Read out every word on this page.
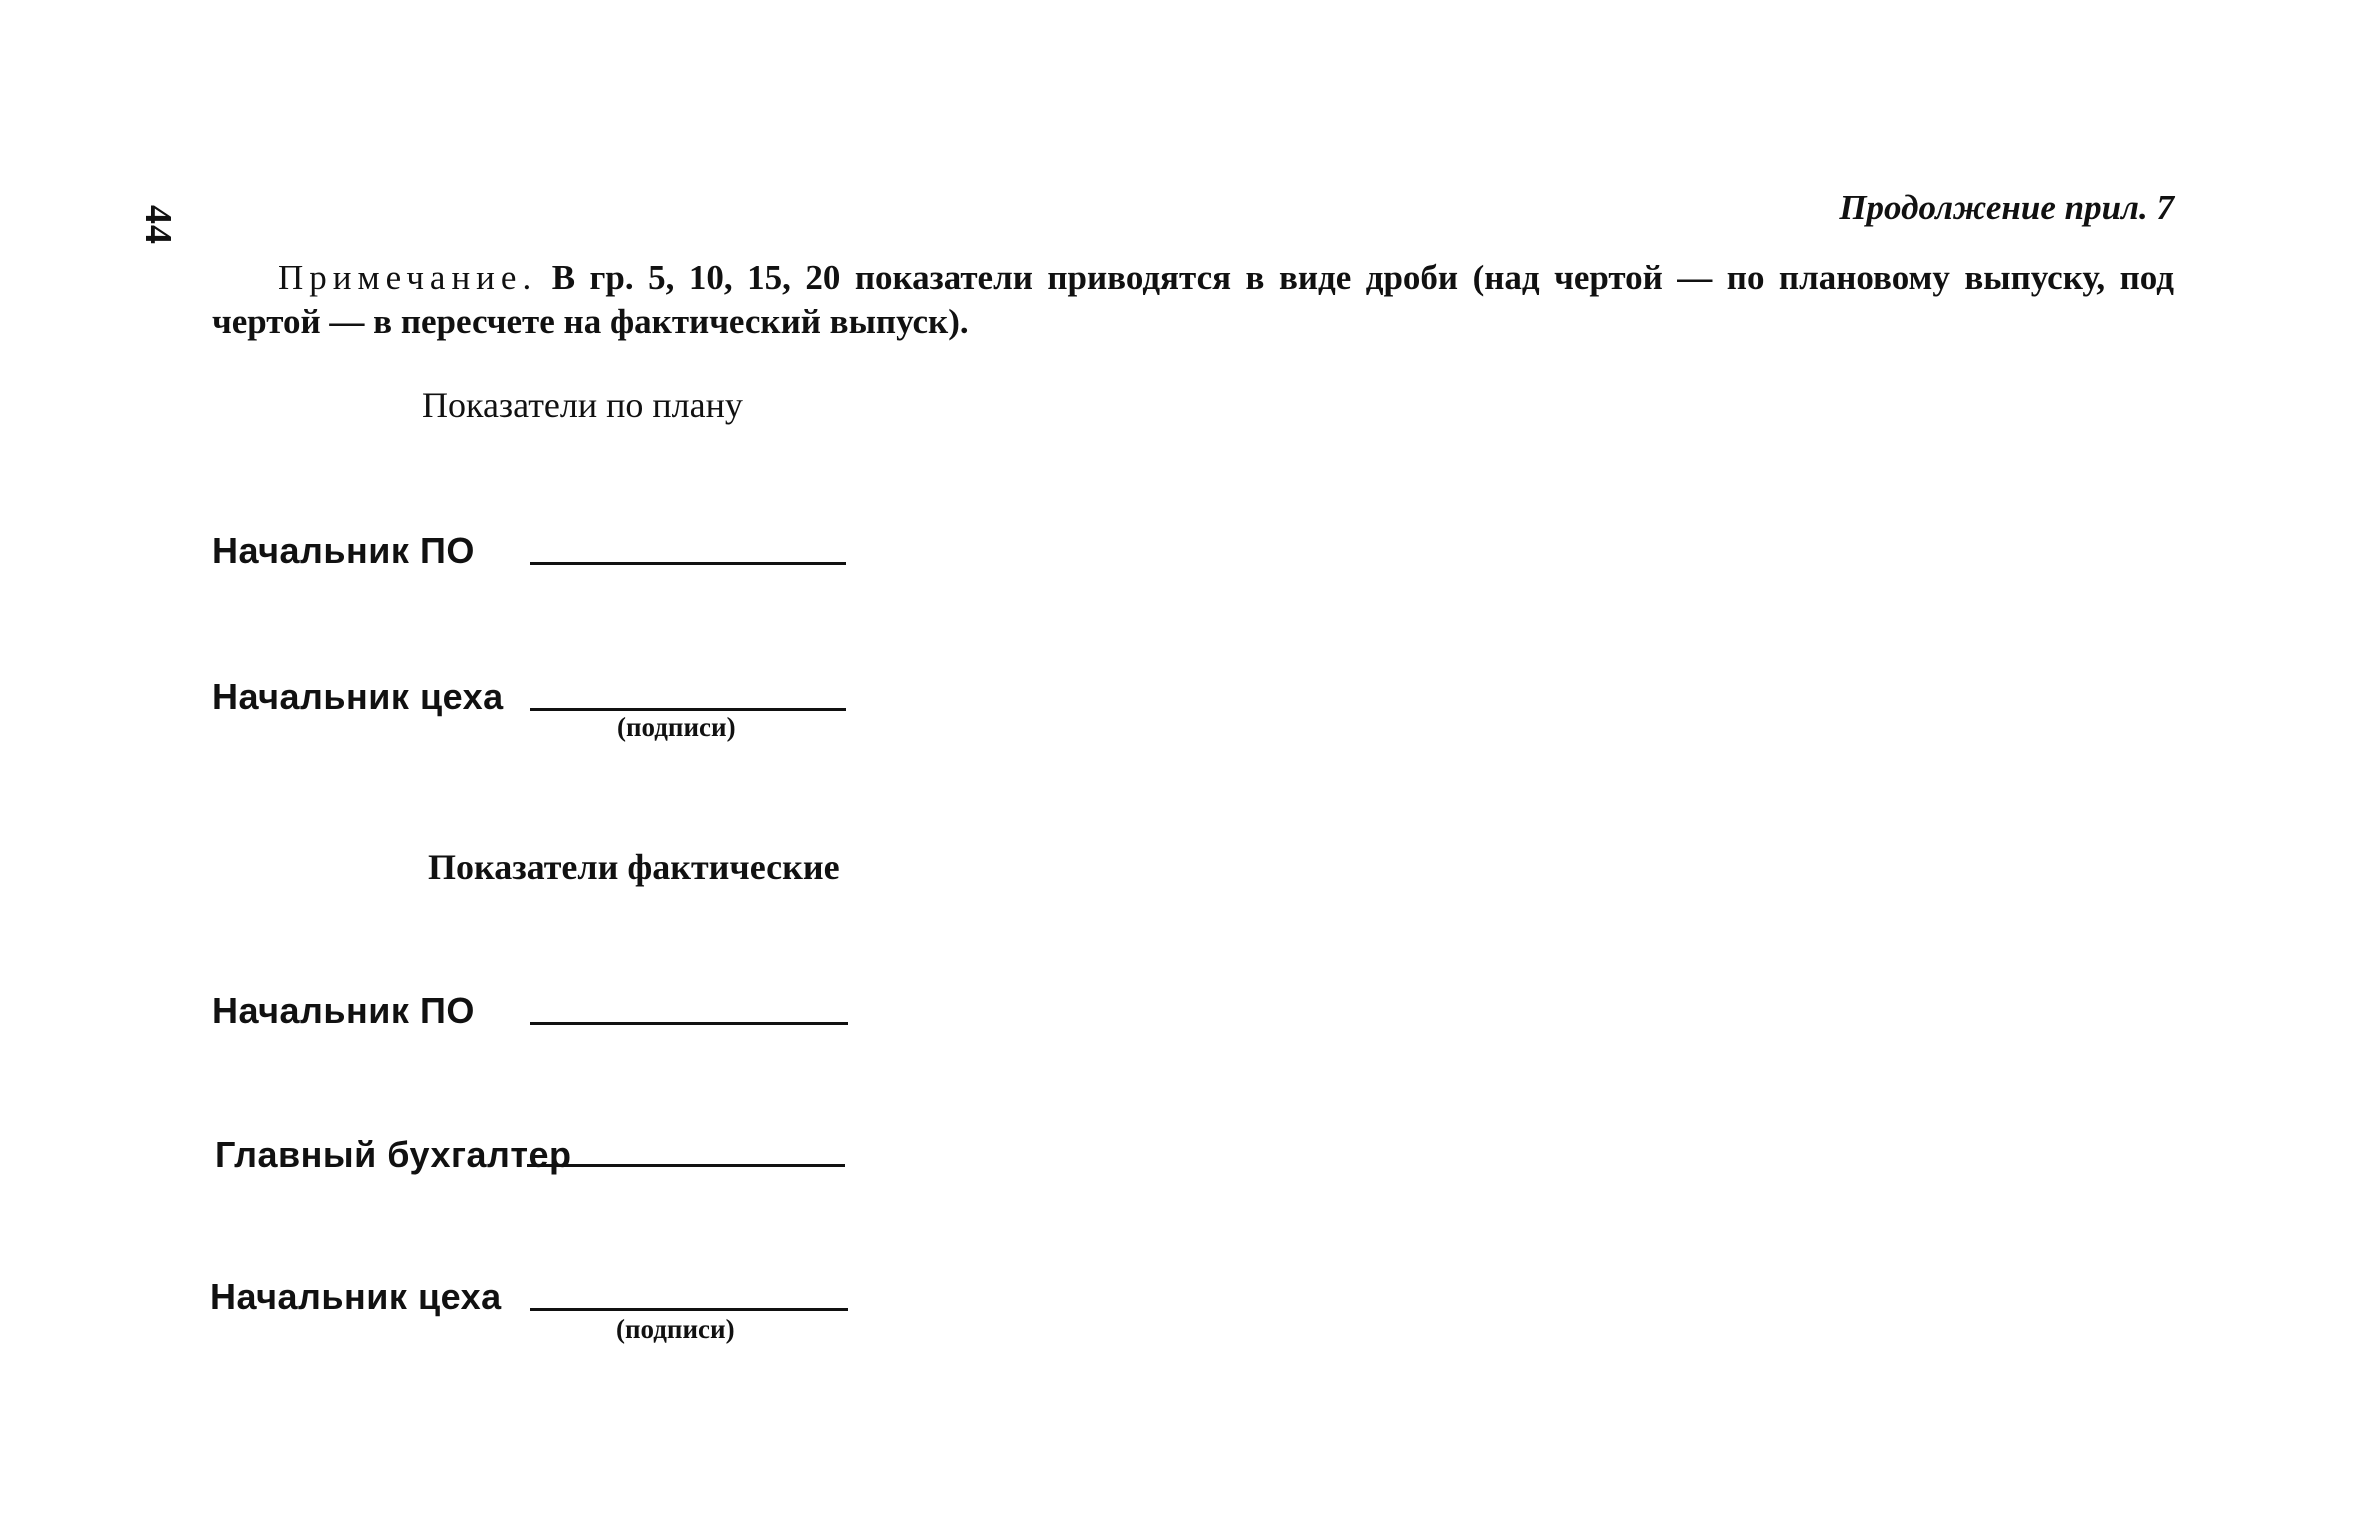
44	Продолжение прил. 7
Примечание. В гр. 5, 10, 15, 20 показатели приводятся в виде дроби (над чертой — по плановому выпуску, под чертой — в пересчете на фактический выпуск).
Показатели по плану
Начальник ПО
Начальник цеха
(подписи)
Показатели фактические
Начальник ПО
Главный бухгалтер
Начальник цеха
(подписи)
